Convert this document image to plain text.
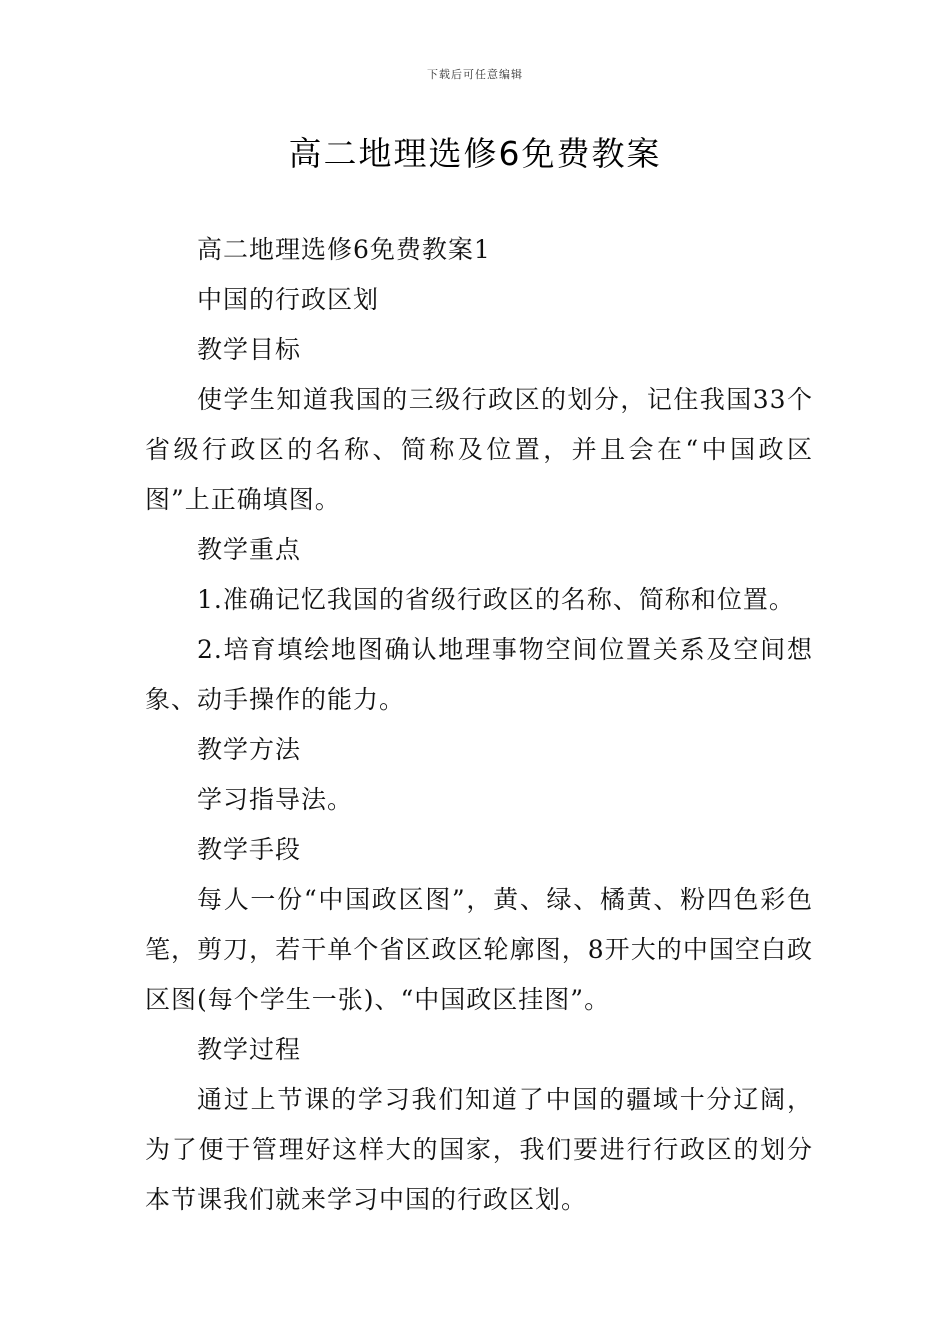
下载后可任意编辑
高二地理选修6免费教案

高二地理选修6免费教案1

中国的行政区划

教学目标

使学生知道我国的三级行政区的划分，记住我国33个省级行政区的名称、简称及位置，并且会在“中国政区图”上正确填图。

教学重点

1.准确记忆我国的省级行政区的名称、简称和位置。

2.培育填绘地图确认地理事物空间位置关系及空间想象、动手操作的能力。

教学方法

学习指导法。

教学手段

每人一份“中国政区图”，黄、绿、橘黄、粉四色彩色笔，剪刀，若干单个省区政区轮廓图，8开大的中国空白政区图(每个学生一张)、“中国政区挂图”。

教学过程

通过上节课的学习我们知道了中国的疆域十分辽阔，为了便于管理好这样大的国家，我们要进行行政区的划分本节课我们就来学习中国的行政区划。
